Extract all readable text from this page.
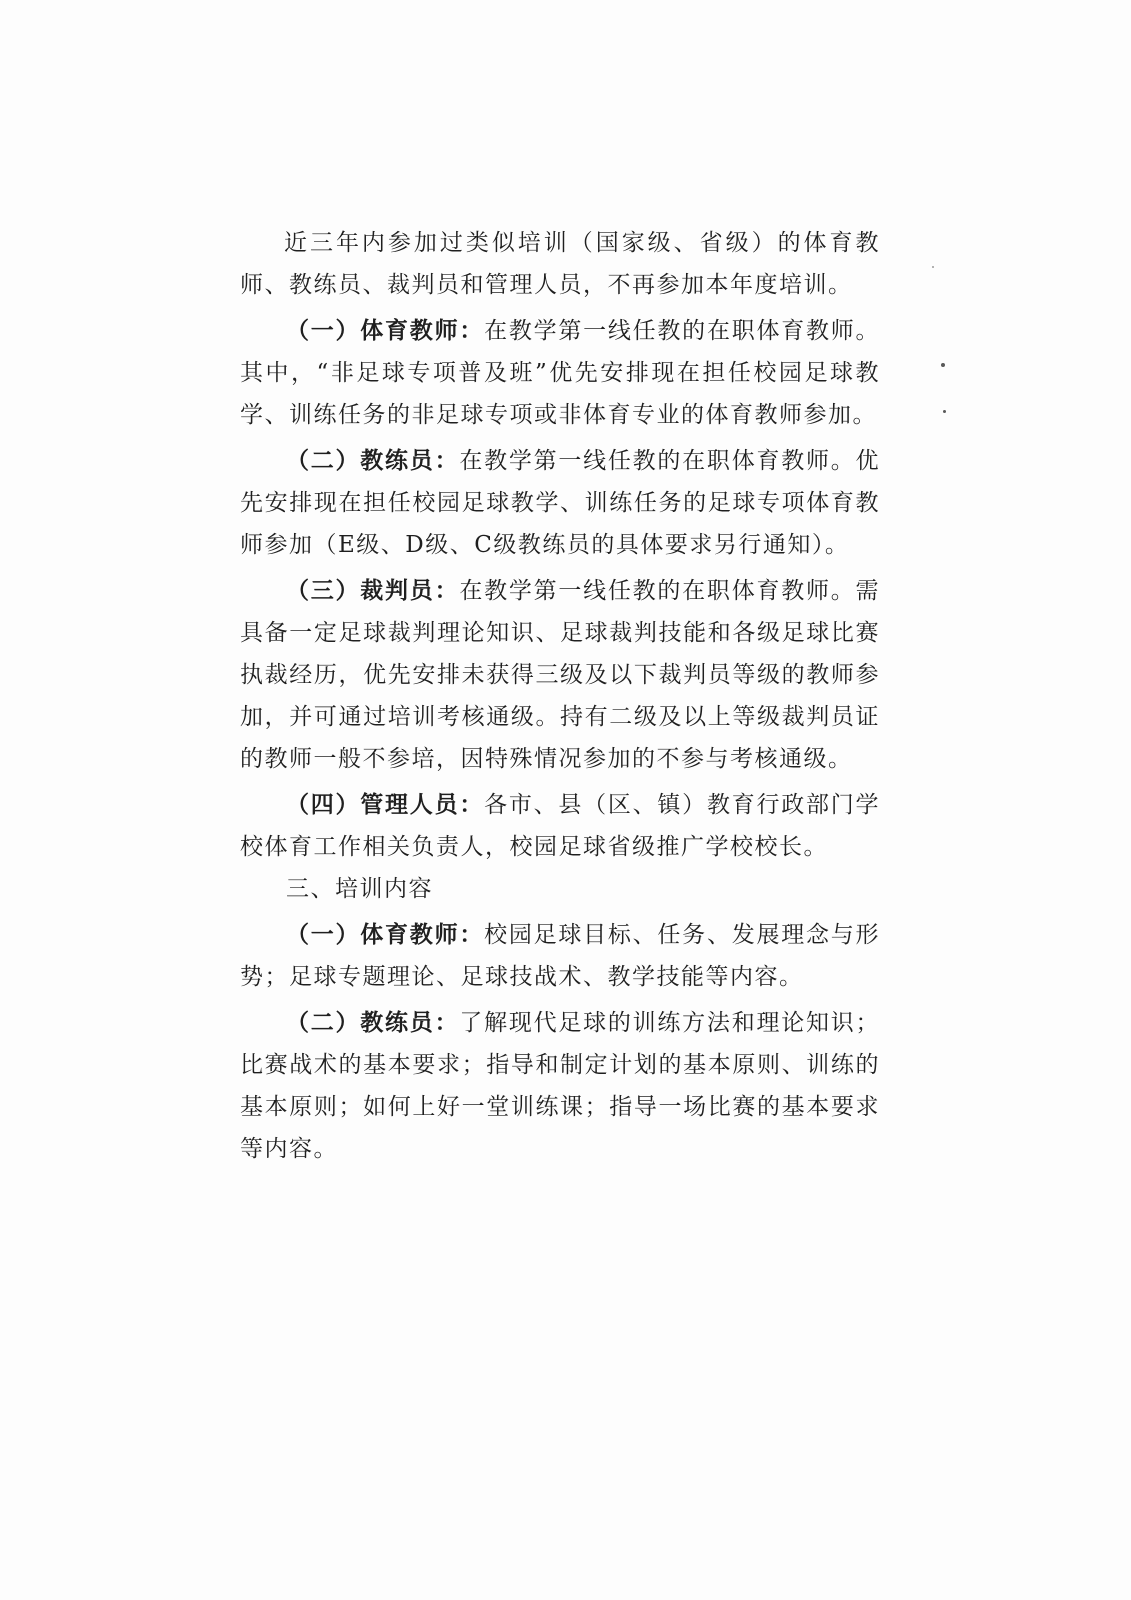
近三年内参加过类似培训（国家级、省级）的体育教师、教练员、裁判员和管理人员，不再参加本年度培训。

（一）体育教师：在教学第一线任教的在职体育教师。其中，“非足球专项普及班”优先安排现在担任校园足球教学、训练任务的非足球专项或非体育专业的体育教师参加。

（二）教练员：在教学第一线任教的在职体育教师。优先安排现在担任校园足球教学、训练任务的足球专项体育教师参加（E级、D级、C级教练员的具体要求另行通知）。

（三）裁判员：在教学第一线任教的在职体育教师。需具备一定足球裁判理论知识、足球裁判技能和各级足球比赛执裁经历，优先安排未获得三级及以下裁判员等级的教师参加，并可通过培训考核通级。持有二级及以上等级裁判员证的教师一般不参培，因特殊情况参加的不参与考核通级。

（四）管理人员：各市、县（区、镇）教育行政部门学校体育工作相关负责人，校园足球省级推广学校校长。

三、培训内容

（一）体育教师：校园足球目标、任务、发展理念与形势；足球专题理论、足球技战术、教学技能等内容。

（二）教练员：了解现代足球的训练方法和理论知识；比赛战术的基本要求；指导和制定计划的基本原则、训练的基本原则；如何上好一堂训练课；指导一场比赛的基本要求等内容。
